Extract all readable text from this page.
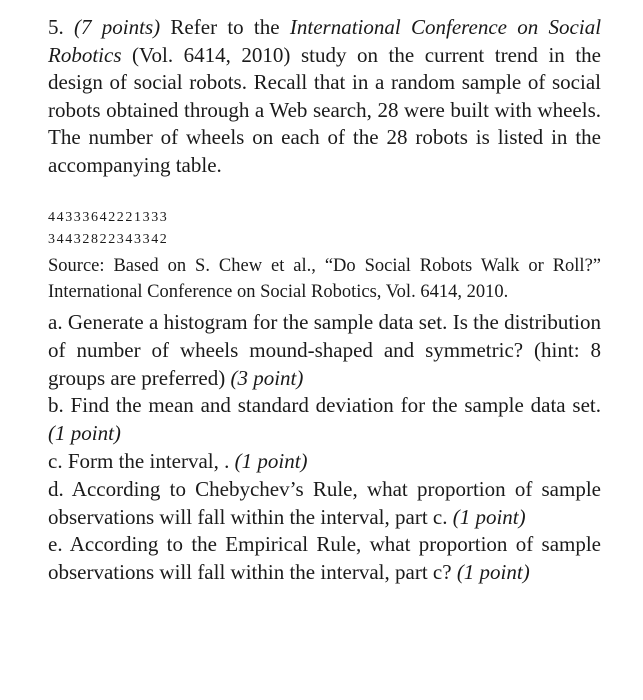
5. (7 points) Refer to the International Conference on Social Robotics (Vol. 6414, 2010) study on the current trend in the design of social robots. Recall that in a random sample of social robots obtained through a Web search, 28 were built with wheels. The number of wheels on each of the 28 robots is listed in the accompanying table.

44333642221333

34432822343342

Source: Based on S. Chew et al., “Do Social Robots Walk or Roll?” International Conference on Social Robotics, Vol. 6414, 2010.

a. Generate a histogram for the sample data set. Is the distribution of number of wheels mound-shaped and symmetric? (hint: 8 groups are preferred) (3 point)

b. Find the mean and standard deviation for the sample data set. (1 point)

c. Form the interval, . (1 point)

d. According to Chebychev’s Rule, what proportion of sample observations will fall within the interval, part c. (1 point)

e. According to the Empirical Rule, what proportion of sample observations will fall within the interval, part c? (1 point)
